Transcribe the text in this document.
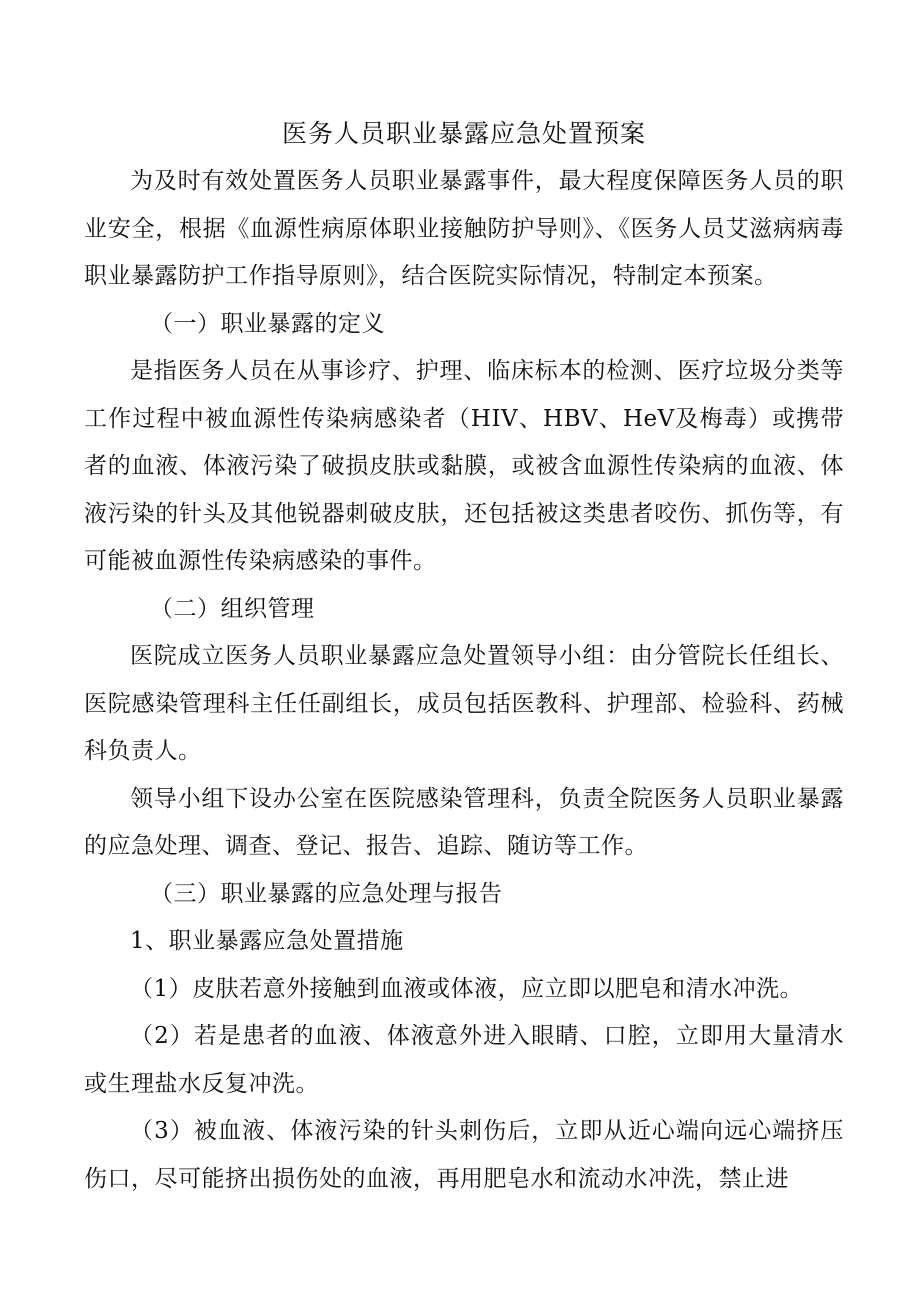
医务人员职业暴露应急处置预案

为及时有效处置医务人员职业暴露事件，最大程度保障医务人员的职业安全，根据《血源性病原体职业接触防护导则》、《医务人员艾滋病病毒职业暴露防护工作指导原则》，结合医院实际情况，特制定本预案。

（一）职业暴露的定义

是指医务人员在从事诊疗、护理、临床标本的检测、医疗垃圾分类等工作过程中被血源性传染病感染者（HIV、HBV、HeV及梅毒）或携带者的血液、体液污染了破损皮肤或黏膜，或被含血源性传染病的血液、体液污染的针头及其他锐器刺破皮肤，还包括被这类患者咬伤、抓伤等，有可能被血源性传染病感染的事件。

（二）组织管理

医院成立医务人员职业暴露应急处置领导小组：由分管院长任组长、医院感染管理科主任任副组长，成员包括医教科、护理部、检验科、药械科负责人。

领导小组下设办公室在医院感染管理科，负责全院医务人员职业暴露的应急处理、调查、登记、报告、追踪、随访等工作。

（三）职业暴露的应急处理与报告

1、职业暴露应急处置措施

（1）皮肤若意外接触到血液或体液，应立即以肥皂和清水冲洗。

（2）若是患者的血液、体液意外进入眼睛、口腔，立即用大量清水或生理盐水反复冲洗。

（3）被血液、体液污染的针头刺伤后，立即从近心端向远心端挤压伤口，尽可能挤出损伤处的血液，再用肥皂水和流动水冲洗，禁止进
